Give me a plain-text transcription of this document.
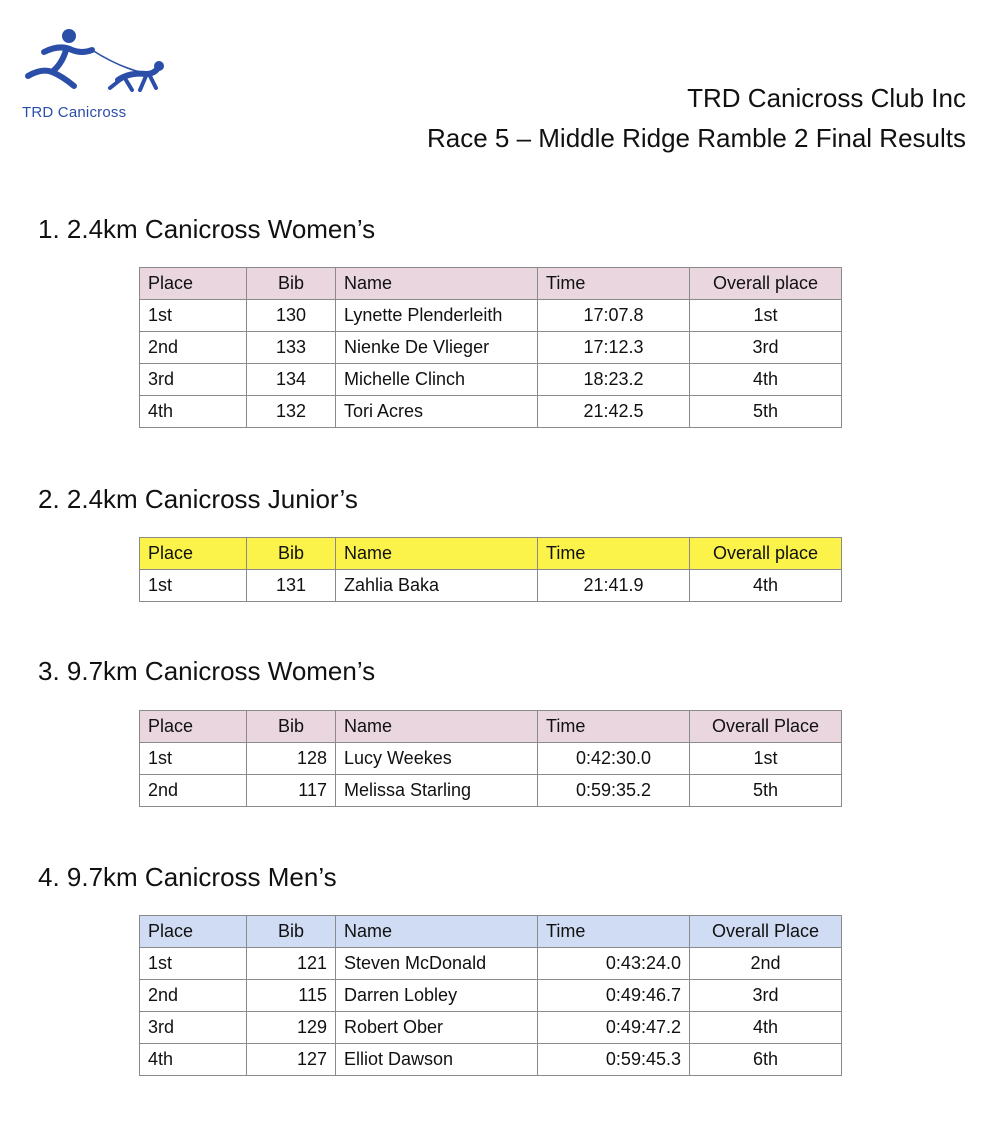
TRD Canicross	TRD Canicross Club Inc
Race 5 – Middle Ridge Ramble 2 Final Results
1. 2.4km Canicross Women’s
Place	Bib	Name	Time	Overall place
1st	130	Lynette Plenderleith	17:07.8	1st
2nd	133	Nienke De Vlieger	17:12.3	3rd
3rd	134	Michelle Clinch	18:23.2	4th
4th	132	Tori Acres	21:42.5	5th
2. 2.4km Canicross Junior’s
Place	Bib	Name	Time	Overall place
1st	131	Zahlia Baka	21:41.9	4th
3. 9.7km Canicross Women’s
Place	Bib	Name	Time	Overall Place
1st	128	Lucy Weekes	0:42:30.0	1st
2nd	117	Melissa Starling	0:59:35.2	5th
4. 9.7km Canicross Men’s
Place	Bib	Name	Time	Overall Place
1st	121	Steven McDonald	0:43:24.0	2nd
2nd	115	Darren Lobley	0:49:46.7	3rd
3rd	129	Robert Ober	0:49:47.2	4th
4th	127	Elliot Dawson	0:59:45.3	6th
